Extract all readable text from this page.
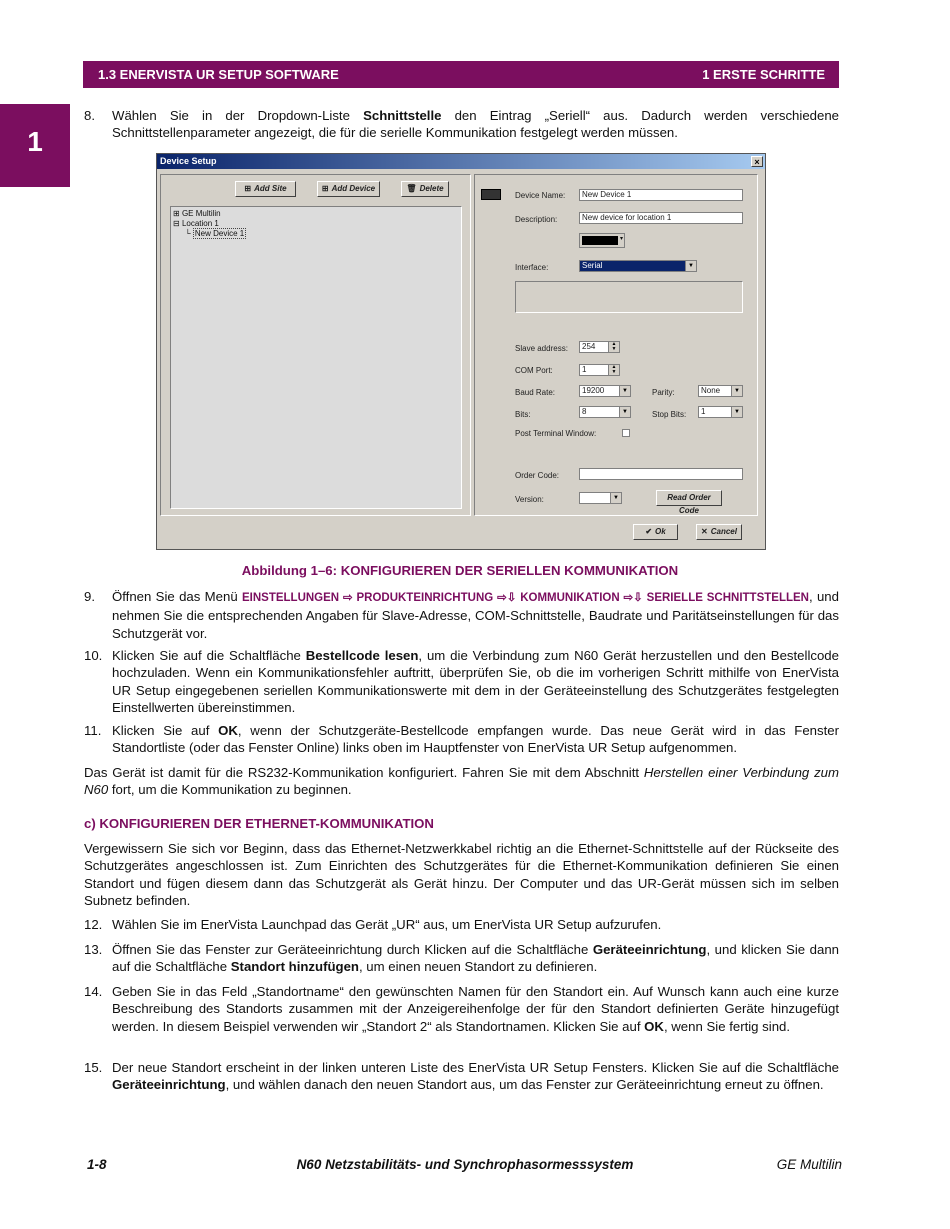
1.3 ENERVISTA UR SETUP SOFTWARE	1 ERSTE SCHRITTE
1
8. Wählen Sie in der Dropdown-Liste Schnittstelle den Eintrag „Seriell“ aus. Dadurch werden verschiedene Schnittstellenparameter angezeigt, die für die serielle Kommunikation festgelegt werden müssen.
Device Setup	×
⊞ Add Site	⊞ Add Device	🗑 Delete
⊞ GE Multilin
⊟ Location 1
└ New Device 1
Device Name:	New Device 1
Description:	New device for location 1
▾
Interface:	Serial	▼
Slave address:	254	▲
▼
COM Port:	1	▲
▼
Baud Rate:	19200	▼	Parity:	None	▼
Bits:	8	▼	Stop Bits:	1	▼
Post Terminal Window:
Order Code:
Version:	▼	Read Order Code
✔ Ok	✕ Cancel
Abbildung 1–6: KONFIGURIEREN DER SERIELLEN KOMMUNIKATION
9. Öffnen Sie das Menü EINSTELLUNGEN ⇨ PRODUKTEINRICHTUNG ⇨⇩ KOMMUNIKATION ⇨⇩ SERIELLE SCHNITTSTELLEN, und nehmen Sie die entsprechenden Angaben für Slave-Adresse, COM-Schnittstelle, Baudrate und Paritätseinstellungen für das Schutzgerät vor.
10. Klicken Sie auf die Schaltfläche Bestellcode lesen, um die Verbindung zum N60 Gerät herzustellen und den Bestellcode hochzuladen. Wenn ein Kommunikationsfehler auftritt, überprüfen Sie, ob die im vorherigen Schritt mithilfe von EnerVista UR Setup eingegebenen seriellen Kommunikationswerte mit dem in der Geräteeinstellung des Schutzgerätes festgelegten Einstellwerten übereinstimmen.
11. Klicken Sie auf OK, wenn der Schutzgeräte-Bestellcode empfangen wurde. Das neue Gerät wird in das Fenster Standortliste (oder das Fenster Online) links oben im Hauptfenster von EnerVista UR Setup aufgenommen.
Das Gerät ist damit für die RS232-Kommunikation konfiguriert. Fahren Sie mit dem Abschnitt Herstellen einer Verbindung zum N60 fort, um die Kommunikation zu beginnen.
c) KONFIGURIEREN DER ETHERNET-KOMMUNIKATION
Vergewissern Sie sich vor Beginn, dass das Ethernet-Netzwerkkabel richtig an die Ethernet-Schnittstelle auf der Rückseite des Schutzgerätes angeschlossen ist. Zum Einrichten des Schutzgerätes für die Ethernet-Kommunikation definieren Sie einen Standort und fügen diesem dann das Schutzgerät als Gerät hinzu. Der Computer und das UR-Gerät müssen sich im selben Subnetz befinden.
12. Wählen Sie im EnerVista Launchpad das Gerät „UR“ aus, um EnerVista UR Setup aufzurufen.
13. Öffnen Sie das Fenster zur Geräteeinrichtung durch Klicken auf die Schaltfläche Geräteeinrichtung, und klicken Sie dann auf die Schaltfläche Standort hinzufügen, um einen neuen Standort zu definieren.
14. Geben Sie in das Feld „Standortname“ den gewünschten Namen für den Standort ein. Auf Wunsch kann auch eine kurze Beschreibung des Standorts zusammen mit der Anzeigereihenfolge der für den Standort definierten Geräte hinzugefügt werden. In diesem Beispiel verwenden wir „Standort 2“ als Standortnamen. Klicken Sie auf OK, wenn Sie fertig sind.
15. Der neue Standort erscheint in der linken unteren Liste des EnerVista UR Setup Fensters. Klicken Sie auf die Schaltfläche Geräteeinrichtung, und wählen danach den neuen Standort aus, um das Fenster zur Geräteeinrichtung erneut zu öffnen.
1-8	N60 Netzstabilitäts- und Synchrophasormesssystem	GE Multilin
